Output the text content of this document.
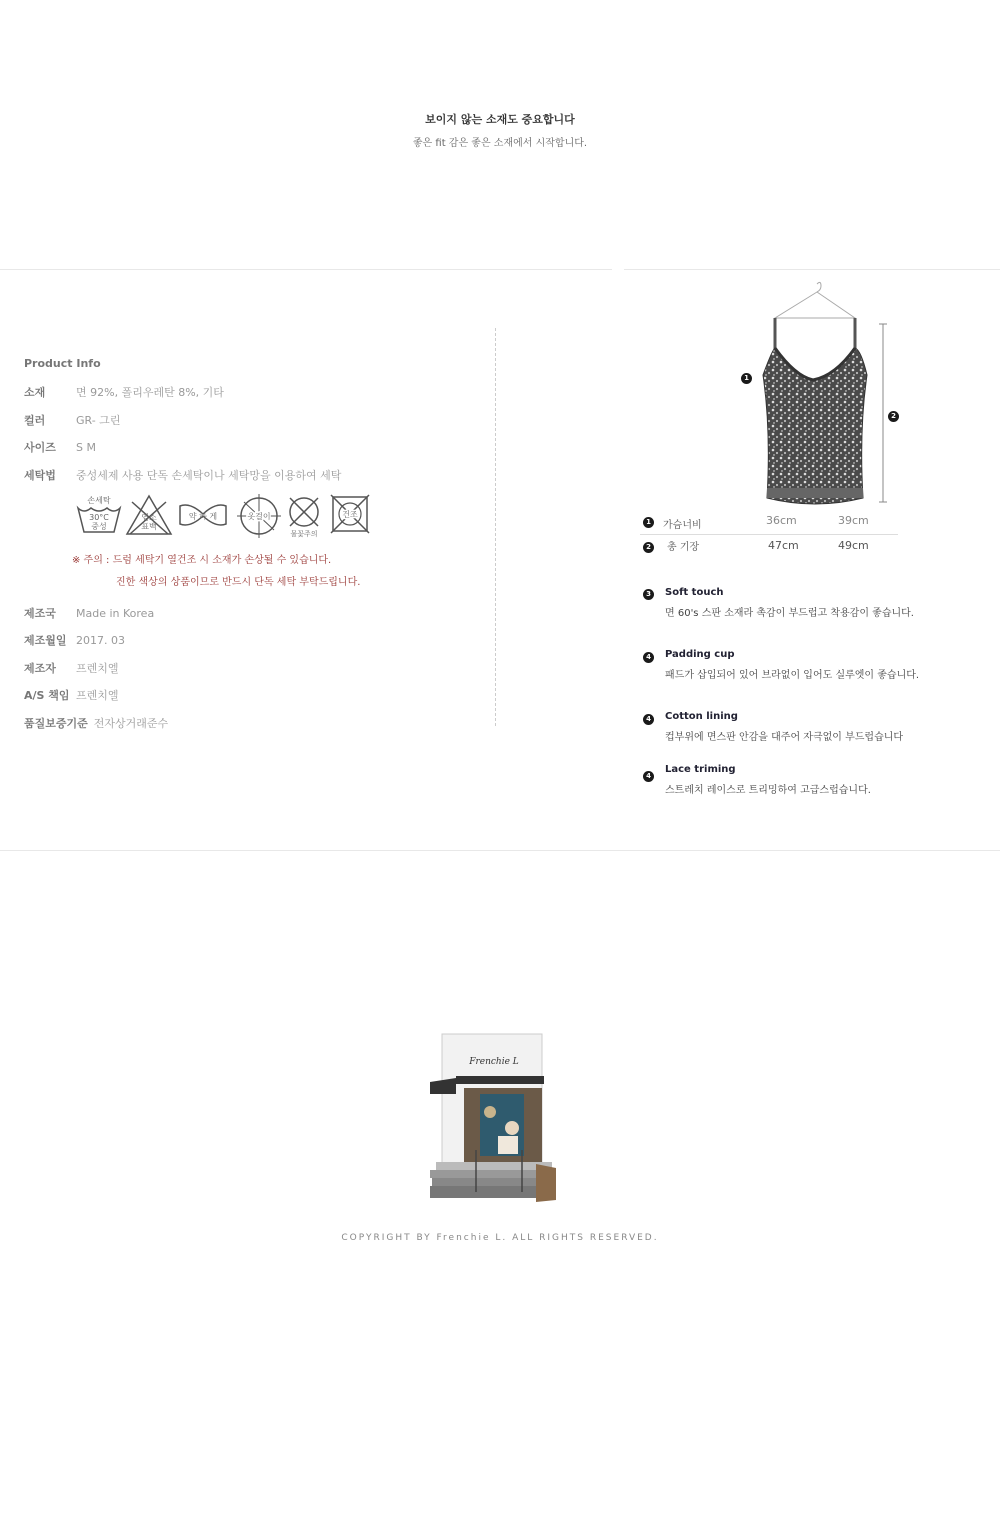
보이지 않는 소재도 중요합니다
좋은 fit 감은 좋은 소재에서 시작합니다.
Product Info
소재	면 92%, 폴리우레탄 8%, 기타
컬러	GR- 그린
사이즈 S M
세탁법 중성세제 사용 단독 손세탁이나 세탁망을 이용하여 세탁
손세탁
30°C
중성
염소
표백
약 하 게	옷걸이
물꽃주의
건조
※ 주의 : 드럼 세탁기 열건조 시 소재가 손상될 수 있습니다.
진한 색상의 상품이므로 반드시 단독 세탁 부탁드립니다.
제조국 Made in Korea
제조월일 2017. 03
제조자 프렌치엘
A/S 책임 프렌치엘
품질보증기준 전자상거래준수
1
2
1	가슴너비	36cm	39cm
2	총 기장	47cm	49cm
3	Soft touch
면 60's 스판 소재라 촉감이 부드럽고 착용감이 좋습니다.
4	Padding cup
패드가 삽입되어 있어 브라없이 입어도 실루엣이 좋습니다.
4	Cotton lining
컵부위에 면스판 안감을 대주어 자극없이 부드럽습니다
4
Lace triming
스트레치 레이스로 트리밍하여 고급스럽습니다.
Frenchie L
COPYRIGHT BY Frenchie L. ALL RIGHTS RESERVED.
